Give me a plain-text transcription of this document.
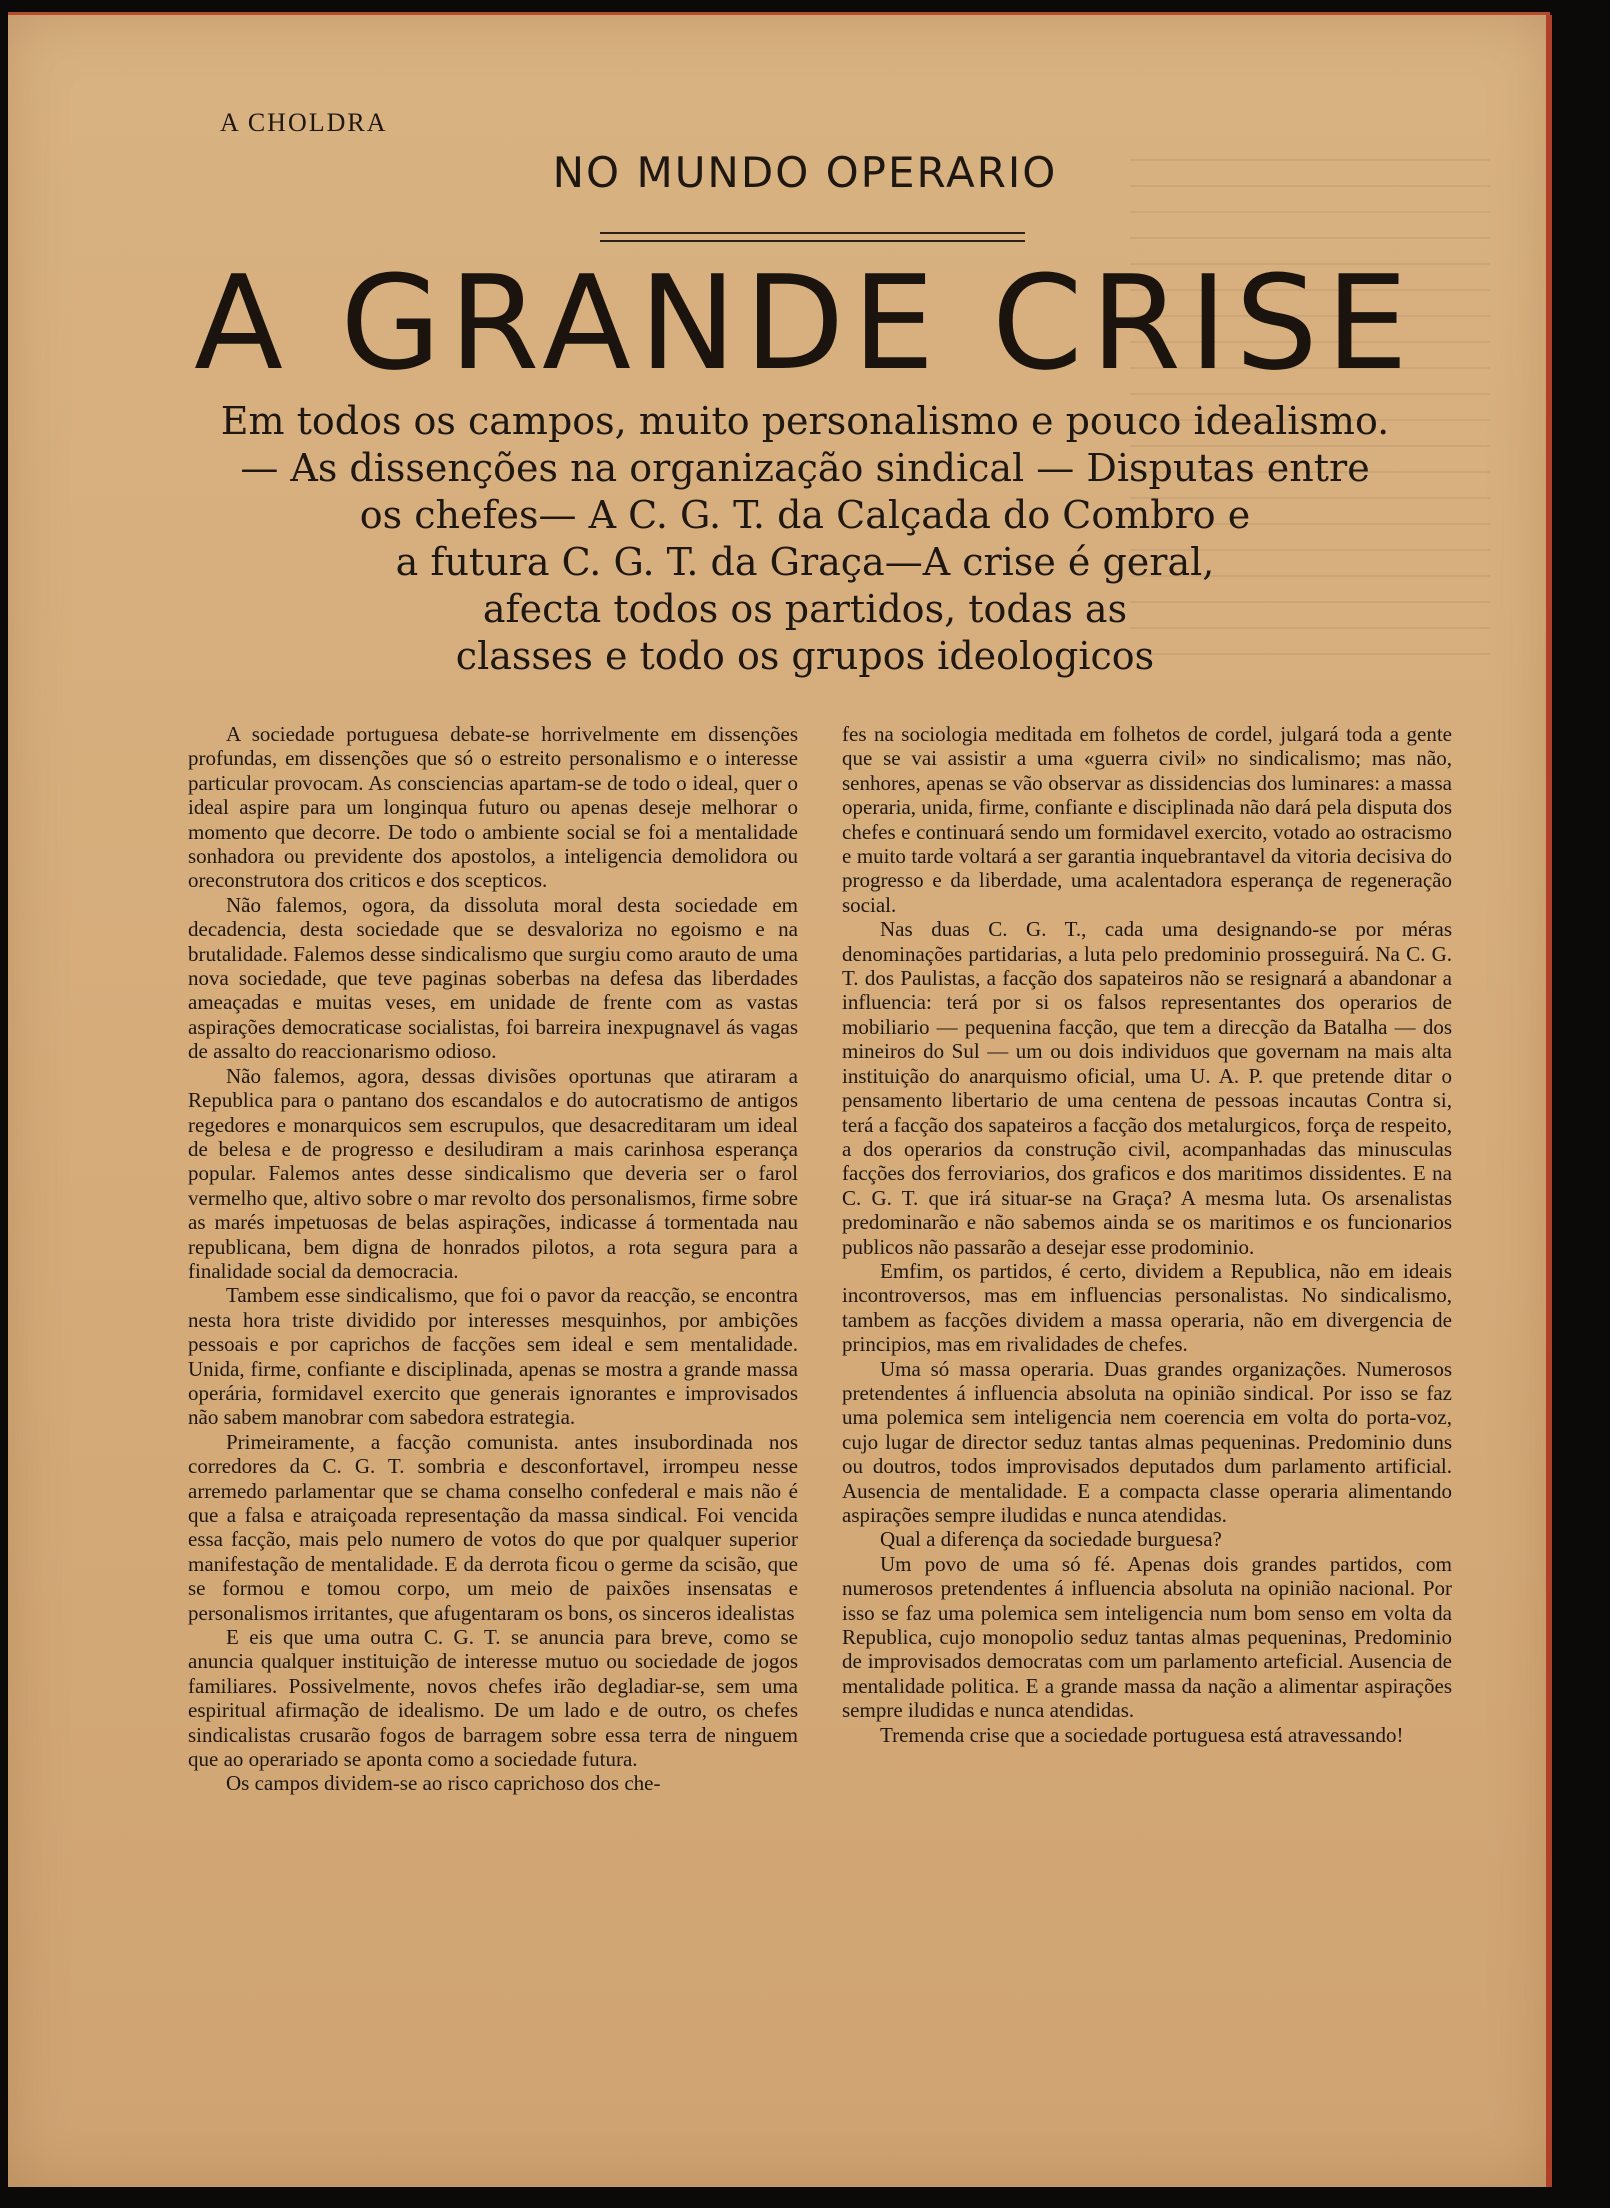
A CHOLDRA
NO MUNDO OPERARIO
A GRANDE CRISE
Em todos os campos, muito personalismo e pouco idealismo.
— As dissenções na organização sindical — Disputas entre
os chefes— A C. G. T. da Calçada do Combro e
a futura C. G. T. da Graça—A crise é geral,
afecta todos os partidos, todas as
classes e todo os grupos ideologicos

A sociedade portuguesa debate-se horrivelmente em dissenções profundas, em dissenções que só o estreito personalismo e o interesse particular provocam. As consciencias apartam-se de todo o ideal, quer o ideal aspire para um longinqua futuro ou apenas deseje melhorar o momento que decorre. De todo o ambiente social se foi a mentalidade sonhadora ou previdente dos apostolos, a inteligencia demolidora ou oreconstrutora dos criticos e dos scepticos.

Não falemos, ogora, da dissoluta moral desta sociedade em decadencia, desta sociedade que se desvaloriza no egoismo e na brutalidade. Falemos desse sindicalismo que surgiu como arauto de uma nova sociedade, que teve paginas soberbas na defesa das liberdades ameaçadas e muitas veses, em unidade de frente com as vastas aspirações democraticase socialistas, foi barreira inexpugnavel ás vagas de assalto do reaccionarismo odioso.

Não falemos, agora, dessas divisões oportunas que atiraram a Republica para o pantano dos escandalos e do autocratismo de antigos regedores e monarquicos sem escrupulos, que desacreditaram um ideal de belesa e de progresso e desiludiram a mais carinhosa esperança popular. Falemos antes desse sindicalismo que deveria ser o farol vermelho que, altivo sobre o mar revolto dos personalismos, firme sobre as marés impetuosas de belas aspirações, indicasse á tormentada nau republicana, bem digna de honrados pilotos, a rota segura para a finalidade social da democracia.

Tambem esse sindicalismo, que foi o pavor da reacção, se encontra nesta hora triste dividido por interesses mesquinhos, por ambições pessoais e por caprichos de facções sem ideal e sem mentalidade. Unida, firme, confiante e disciplinada, apenas se mostra a grande massa operária, formidavel exercito que generais ignorantes e improvisados não sabem manobrar com sabedora estrategia.

Primeiramente, a facção comunista. antes insubordinada nos corredores da C. G. T. sombria e desconfortavel, irrompeu nesse arremedo parlamentar que se chama conselho confederal e mais não é que a falsa e atraiçoada representação da massa sindical. Foi vencida essa facção, mais pelo numero de votos do que por qualquer superior manifestação de mentalidade. E da derrota ficou o germe da scisão, que se formou e tomou corpo, um meio de paixões insensatas e personalismos irritantes, que afugentaram os bons, os sinceros idealistas

E eis que uma outra C. G. T. se anuncia para breve, como se anuncia qualquer instituição de interesse mutuo ou sociedade de jogos familiares. Possivelmente, novos chefes irão degladiar-se, sem uma espiritual afirmação de idealismo. De um lado e de outro, os chefes sindicalistas crusarão fogos de barragem sobre essa terra de ninguem que ao operariado se aponta como a sociedade futura.

Os campos dividem-se ao risco caprichoso dos che-

fes na sociologia meditada em folhetos de cordel, julgará toda a gente que se vai assistir a uma «guerra civil» no sindicalismo; mas não, senhores, apenas se vão observar as dissidencias dos luminares: a massa operaria, unida, firme, confiante e disciplinada não dará pela disputa dos chefes e continuará sendo um formidavel exercito, votado ao ostracismo e muito tarde voltará a ser garantia inquebrantavel da vitoria decisiva do progresso e da liberdade, uma acalentadora esperança de regeneração social.

Nas duas C. G. T., cada uma designando-se por méras denominações partidarias, a luta pelo predominio prosseguirá. Na C. G. T. dos Paulistas, a facção dos sapateiros não se resignará a abandonar a influencia: terá por si os falsos representantes dos operarios de mobiliario — pequenina facção, que tem a direcção da Batalha — dos mineiros do Sul — um ou dois individuos que governam na mais alta instituição do anarquismo oficial, uma U. A. P. que pretende ditar o pensamento libertario de uma centena de pessoas incautas Contra si, terá a facção dos sapateiros a facção dos metalurgicos, força de respeito, a dos operarios da construção civil, acompanhadas das minusculas facções dos ferroviarios, dos graficos e dos maritimos dissidentes. E na C. G. T. que irá situar-se na Graça? A mesma luta. Os arsenalistas predominarão e não sabemos ainda se os maritimos e os funcionarios publicos não passarão a desejar esse prodominio.

Emfim, os partidos, é certo, dividem a Republica, não em ideais incontroversos, mas em influencias personalistas. No sindicalismo, tambem as facções dividem a massa operaria, não em divergencia de principios, mas em rivalidades de chefes.

Uma só massa operaria. Duas grandes organizações. Numerosos pretendentes á influencia absoluta na opinião sindical. Por isso se faz uma polemica sem inteligencia nem coerencia em volta do porta-voz, cujo lugar de director seduz tantas almas pequeninas. Predominio duns ou doutros, todos improvisados deputados dum parlamento artificial. Ausencia de mentalidade. E a compacta classe operaria alimentando aspirações sempre iludidas e nunca atendidas.

Qual a diferença da sociedade burguesa?

Um povo de uma só fé. Apenas dois grandes partidos, com numerosos pretendentes á influencia absoluta na opinião nacional. Por isso se faz uma polemica sem inteligencia num bom senso em volta da Republica, cujo monopolio seduz tantas almas pequeninas, Predominio de improvisados democratas com um parlamento arteficial. Ausencia de mentalidade politica. E a grande massa da nação a alimentar aspirações sempre iludidas e nunca atendidas.

Tremenda crise que a sociedade portuguesa está atravessando!
